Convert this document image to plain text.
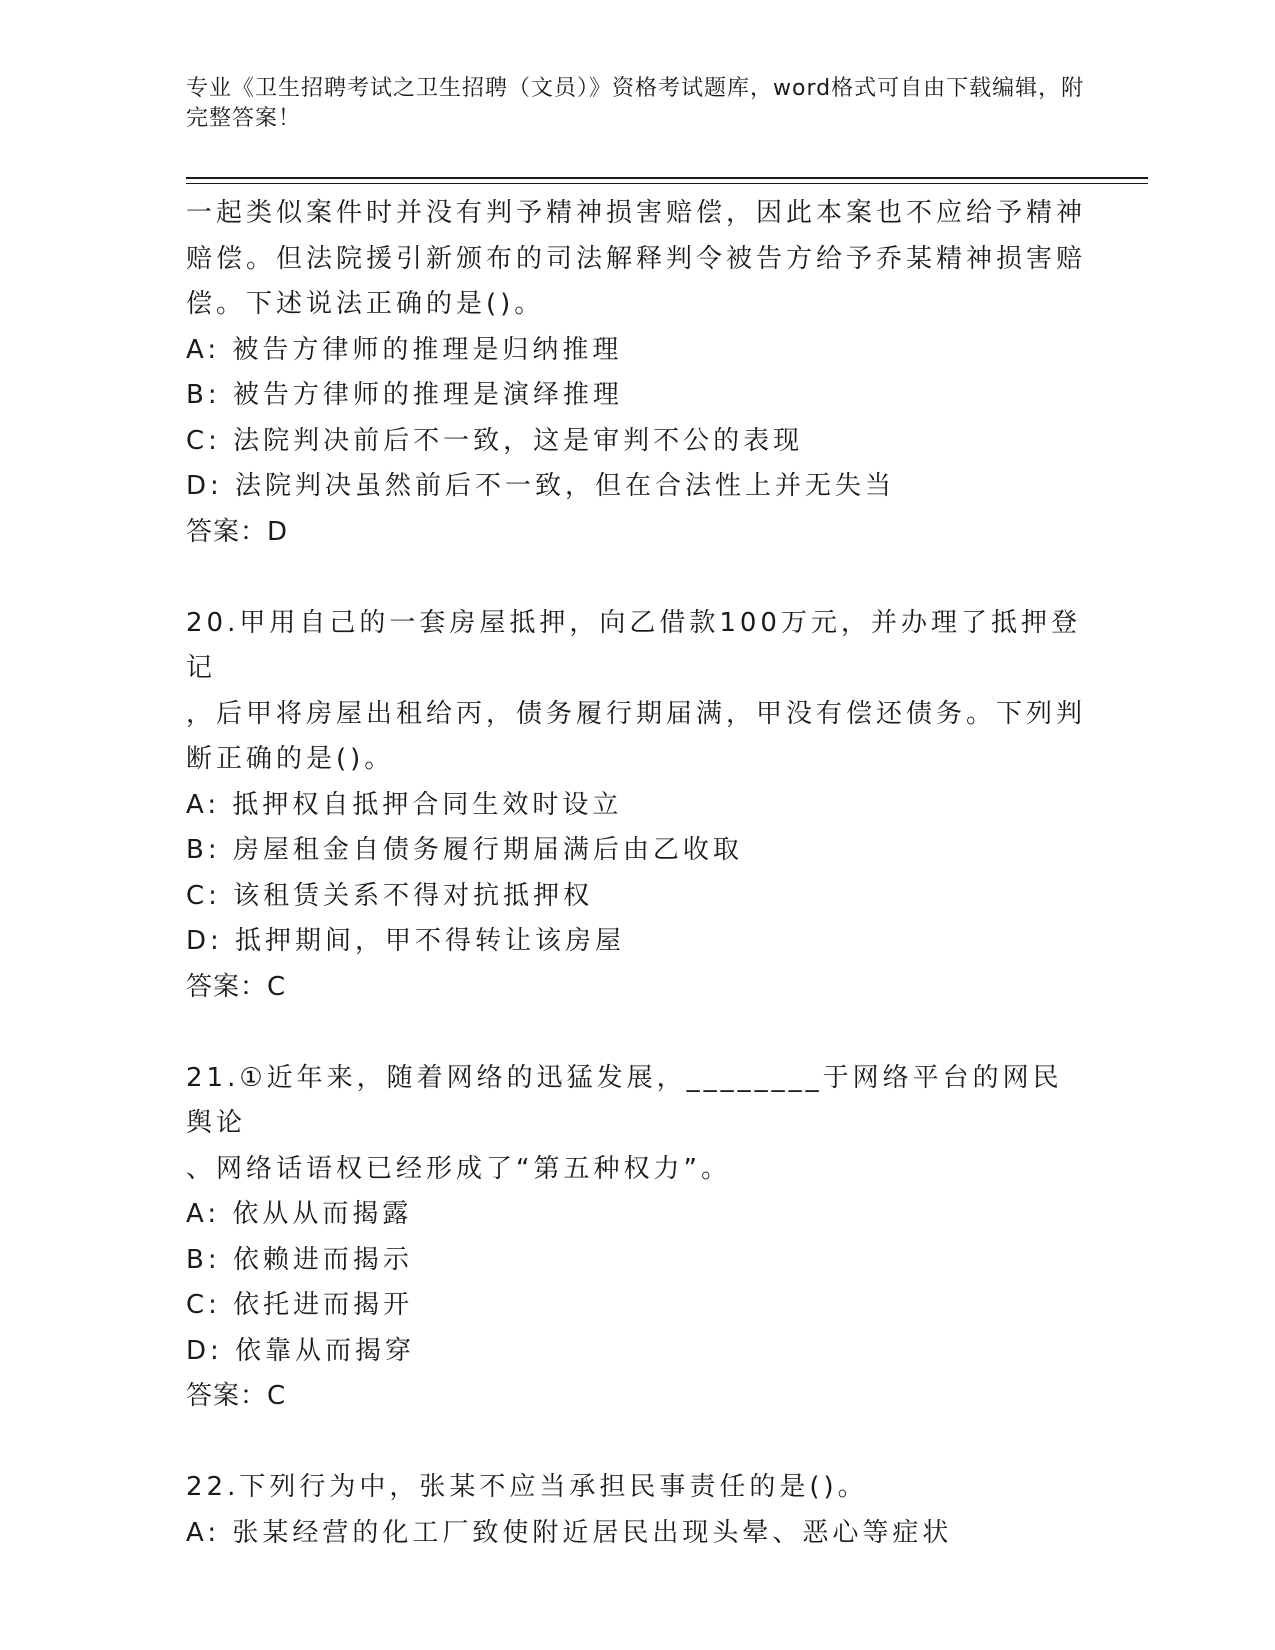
专业《卫生招聘考试之卫生招聘（文员）》资格考试题库，word格式可自由下载编辑，附完整答案！

一起类似案件时并没有判予精神损害赔偿，因此本案也不应给予精神

赔偿。但法院援引新颁布的司法解释判令被告方给予乔某精神损害赔

偿。下述说法正确的是()。

A: 被告方律师的推理是归纳推理

B: 被告方律师的推理是演绎推理

C: 法院判决前后不一致，这是审判不公的表现

D: 法院判决虽然前后不一致，但在合法性上并无失当

答案：D

20.甲用自己的一套房屋抵押，向乙借款100万元，并办理了抵押登记

，后甲将房屋出租给丙，债务履行期届满，甲没有偿还债务。下列判

断正确的是()。

A: 抵押权自抵押合同生效时设立

B: 房屋租金自债务履行期届满后由乙收取

C: 该租赁关系不得对抗抵押权

D: 抵押期间，甲不得转让该房屋

答案：C

21.①近年来，随着网络的迅猛发展，________于网络平台的网民舆论

、网络话语权已经形成了“第五种权力”。

A: 依从从而揭露

B: 依赖进而揭示

C: 依托进而揭开

D: 依靠从而揭穿

答案：C

22.下列行为中，张某不应当承担民事责任的是()。

A: 张某经营的化工厂致使附近居民出现头晕、恶心等症状
